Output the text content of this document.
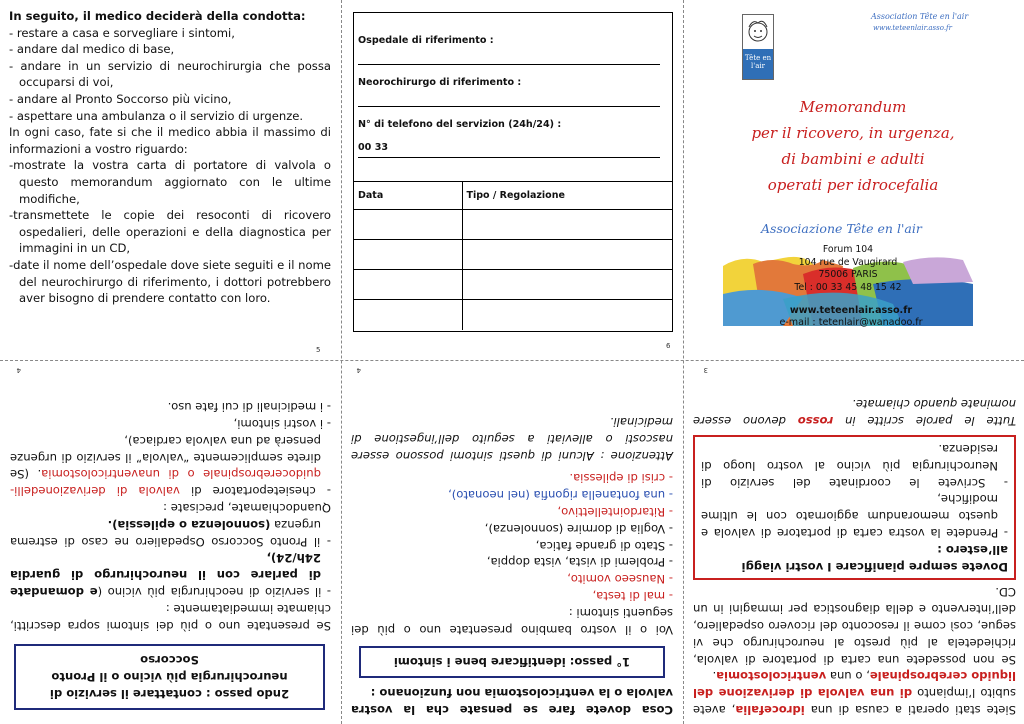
In seguito, il medico deciderà della condotta:
- restare a casa e sorvegliare i sintomi,
- andare dal medico di base,
- andare in un servizio di neurochirurgia che possa occuparsi di voi,
- andare al Pronto Soccorso più vicino,
- aspettare una ambulanza o il servizio di urgenze.

In ogni caso, fate si che il medico abbia il massimo di informazioni a vostro riguardo:

-mostrate la vostra carta di portatore di valvola o questo memorandum aggiornato con le ultime modifiche,
-transmettete le copie dei resoconti di ricovero ospedalieri, delle operazioni e della diagnostica per immagini in un CD,
-date il nome dell’ospedale dove siete seguiti e il nome del neurochirurgo di riferimento, i dottori potrebbero aver bisogno di prendere contatto con loro.
5
Ospedale di riferimento :
Neorochirurgo di riferimento :
N° di telefono del servizion (24h/24) :
00 33
Data	Tipo / Regolazione

6
Tête en l'air
Association Tête en l'air
www.teteenlair.asso.fr
Memorandum
per il ricovero, in urgenza,
di bambini e adulti
operati per idrocefalia
Associazione Tête en l'air
Forum 104
104 rue de Vaugirard
75006 PARIS
Tel : 00 33 45 48 15 42
www.teteenlair.asso.fr
e-mail : tetenlair@wanadoo.fr

Siete stati operati a causa di una idrocefalia, avete subito l’impianto di una valvola di derivazione del liquido cerebrospinale, o una ventricolostomia.

Se non possedete una carta di portatore di valvola, richiedetela al più presto al neurochirurgo che vi segue, così come il resoconto del ricovero ospedaliero, dell’intervento e della diagnostica per immagini in un CD.

Dovete sempre pianificare I vostri viaggi all’estero :
- Prendete la vostra carta di portatore di valvola e questo memorandum aggiornato con le ultime modifiche,
- Scrivete le coordinate del servizio di Neurochirurgia più vicino al vostro luogo di residenza.

Tutte le parole scritte in rosso devono essere nominate quando chiamate.

3

Cosa dovete fare se pensate cha la vostra valvola o la ventricolostomia non funzionano :

1° passo: identificare bene i sintomi

Voi o il vostro bambino presentate uno o più dei seguenti sintomi :

- mal di testa,
- Nauseeo vomito,
- Problemi di vista, vista doppia,
- Stato di grande fatica,
- Voglia di dormire (sonnolenza),
- Ritardointellettivo,
- una fontanella rigonfia (nel neonato),
- crisi di epilessia.

Attenzione : Alcuni di questi sintomi possono essere nascosti o alleviati a seguito dell’ingestione di medicinali.

4
2ndo passo : contattare il servizio di neurochirurgia più vicino o il Pronto Soccorso

Se presentate uno o più dei sintomi sopra descritti, chiamate immediatamente :

- il servizio di neochirurgia più vicino (e domandate di parlare con il neurochirurgo di guardia 24h/24),

- il Pronto Soccorso Ospedaliero ne caso di estrema urgenza (sonnolenza o epilessia).

Quandochiamate, precisate :

- chesieteportatore di valvola di derivazionedelli-quidocerebrospinale o di unaventricolostomia. (Se direte semplicemente “valvola” il servizio di urgenze penserà ad una valvola cardiaca),

- i vostri sintomi,

- i medicinali di cui fate uso.

4
